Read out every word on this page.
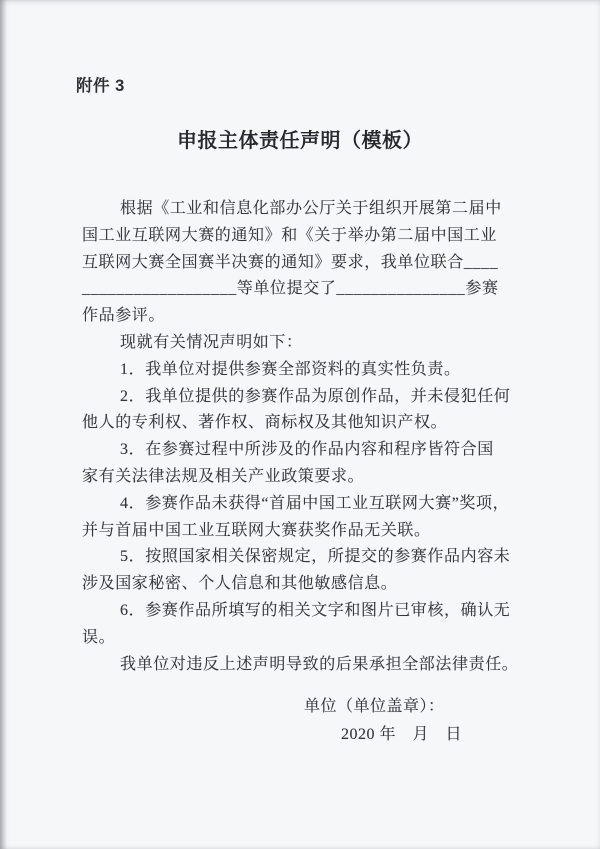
附件 3
申报主体责任声明（模板）
根据《工业和信息化部办公厅关于组织开展第二届中
国工业互联网大赛的通知》和《关于举办第二届中国工业
互联网大赛全国赛半决赛的通知》要求，我单位联合____
__________________等单位提交了_______________参赛
作品参评。
现就有关情况声明如下：
1．我单位对提供参赛全部资料的真实性负责。
2．我单位提供的参赛作品为原创作品，并未侵犯任何
他人的专利权、著作权、商标权及其他知识产权。
3．在参赛过程中所涉及的作品内容和程序皆符合国
家有关法律法规及相关产业政策要求。
4．参赛作品未获得“首届中国工业互联网大赛”奖项，
并与首届中国工业互联网大赛获奖作品无关联。
5．按照国家相关保密规定，所提交的参赛作品内容未
涉及国家秘密、个人信息和其他敏感信息。
6．参赛作品所填写的相关文字和图片已审核，确认无
误。
我单位对违反上述声明导致的后果承担全部法律责任。
单位（单位盖章）：
2020 年　月　日
